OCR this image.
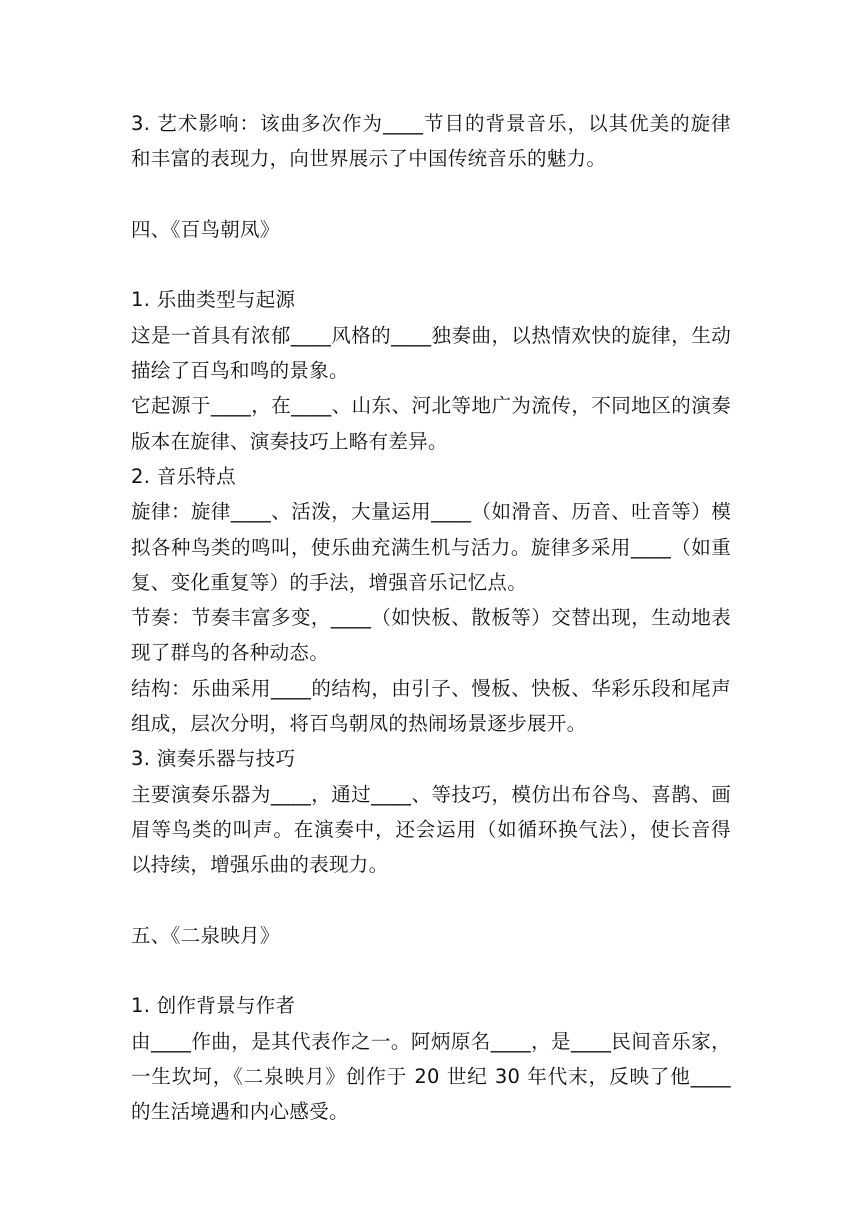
3. 艺术影响：该曲多次作为____节目的背景音乐，以其优美的旋律和丰富的表现力，向世界展示了中国传统音乐的魅力。

四、《百鸟朝凤》

1. 乐曲类型与起源

这是一首具有浓郁____风格的____独奏曲，以热情欢快的旋律，生动描绘了百鸟和鸣的景象。

它起源于____，在____、山东、河北等地广为流传，不同地区的演奏版本在旋律、演奏技巧上略有差异。

2. 音乐特点

旋律：旋律____、活泼，大量运用____（如滑音、历音、吐音等）模拟各种鸟类的鸣叫，使乐曲充满生机与活力。旋律多采用____（如重复、变化重复等）的手法，增强音乐记忆点。

节奏：节奏丰富多变，____（如快板、散板等）交替出现，生动地表现了群鸟的各种动态。

结构：乐曲采用____的结构，由引子、慢板、快板、华彩乐段和尾声组成，层次分明，将百鸟朝凤的热闹场景逐步展开。

3. 演奏乐器与技巧

主要演奏乐器为____，通过____、等技巧，模仿出布谷鸟、喜鹊、画眉等鸟类的叫声。在演奏中，还会运用（如循环换气法），使长音得以持续，增强乐曲的表现力。

五、《二泉映月》

1. 创作背景与作者

由____作曲，是其代表作之一。阿炳原名____，是____民间音乐家，一生坎坷，《二泉映月》创作于 20 世纪 30 年代末，反映了他____的生活境遇和内心感受。
